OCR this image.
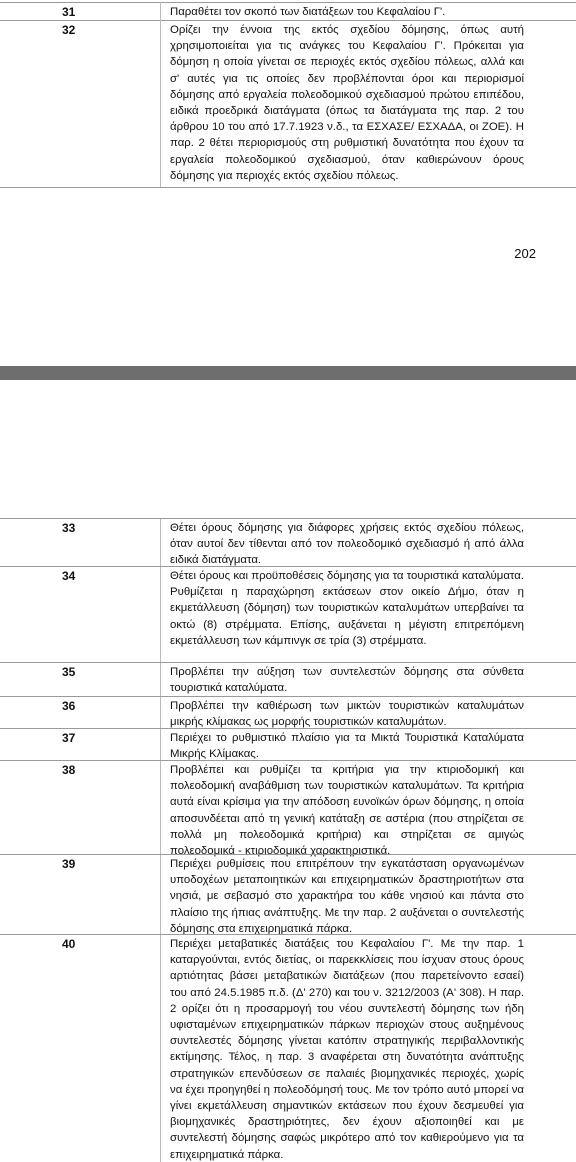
31	Παραθέτει τον σκοπό των διατάξεων του Κεφαλαίου Γ'.

32	Ορίζει την έννοια της εκτός σχεδίου δόμησης, όπως αυτή χρησιμοποιείται για τις ανάγκες του Κεφαλαίου Γ'. Πρόκειται για δόμηση η οποία γίνεται σε περιοχές εκτός σχεδίου πόλεως, αλλά και σ' αυτές για τις οποίες δεν προβλέπονται όροι και περιορισμοί δόμησης από εργαλεία πολεοδομικού σχεδιασμού πρώτου επιπέδου, ειδικά προεδρικά διατάγματα (όπως τα διατάγματα της παρ. 2 του άρθρου 10 του από 17.7.1923 ν.δ., τα ΕΣΧΑΣΕ/ ΕΣΧΑΔΑ, οι ΖΟΕ). Η παρ. 2 θέτει περιορισμούς στη ρυθμιστική δυνατότητα που έχουν τα εργαλεία πολεοδομικού σχεδιασμού, όταν καθιερώνουν όρους δόμησης για περιοχές εκτός σχεδίου πόλεως.

202
33	Θέτει όρους δόμησης για διάφορες χρήσεις εκτός σχεδίου πόλεως, όταν αυτοί δεν τίθενται από τον πολεοδομικό σχεδιασμό ή από άλλα ειδικά διατάγματα.

34	Θέτει όρους και προϋποθέσεις δόμησης για τα τουριστικά καταλύματα. Ρυθμίζεται η παραχώρηση εκτάσεων στον οικείο Δήμο, όταν η εκμετάλλευση (δόμηση) των τουριστικών καταλυμάτων υπερβαίνει τα οκτώ (8) στρέμματα. Επίσης, αυξάνεται η μέγιστη επιτρεπόμενη εκμετάλλευση των κάμπινγκ σε τρία (3) στρέμματα.

35	Προβλέπει την αύξηση των συντελεστών δόμησης στα σύνθετα τουριστικά καταλύματα.

36	Προβλέπει την καθιέρωση των μικτών τουριστικών καταλυμάτων μικρής κλίμακας ως μορφής τουριστικών καταλυμάτων.

37	Περιέχει το ρυθμιστικό πλαίσιο για τα Μικτά Τουριστικά Καταλύματα Μικρής Κλίμακας.

38	Προβλέπει και ρυθμίζει τα κριτήρια για την κτιριοδομική και πολεοδομική αναβάθμιση των τουριστικών καταλυμάτων. Τα κριτήρια αυτά είναι κρίσιμα για την απόδοση ευνοϊκών όρων δόμησης, η οποία αποσυνδέεται από τη γενική κατάταξη σε αστέρια (που στηρίζεται σε πολλά μη πολεοδομικά κριτήρια) και στηρίζεται σε αμιγώς πολεοδομικά - κτιριοδομικά χαρακτηριστικά.

39	Περιέχει ρυθμίσεις που επιτρέπουν την εγκατάσταση οργανωμένων υποδοχέων μεταποιητικών και επιχειρηματικών δραστηριοτήτων στα νησιά, με σεβασμό στο χαρακτήρα του κάθε νησιού και πάντα στο πλαίσιο της ήπιας ανάπτυξης. Με την παρ. 2 αυξάνεται ο συντελεστής δόμησης στα επιχειρηματικά πάρκα.

40	Περιέχει μεταβατικές διατάξεις του Κεφαλαίου Γ'. Με την παρ. 1 καταργούνται, εντός διετίας, οι παρεκκλίσεις που ίσχυαν στους όρους αρτιότητας βάσει μεταβατικών διατάξεων (που παρετείνοντο εσαεί) του από 24.5.1985 π.δ. (Δ' 270) και του ν. 3212/2003 (Α' 308). Η παρ. 2 ορίζει ότι η προσαρμογή του νέου συντελεστή δόμησης των ήδη υφισταμένων επιχειρηματικών πάρκων περιοχών στους αυξημένους συντελεστές δόμησης γίνεται κατόπιν στρατηγικής περιβαλλοντικής εκτίμησης. Τέλος, η παρ. 3 αναφέρεται στη δυνατότητα ανάπτυξης στρατηγικών επενδύσεων σε παλαιές βιομηχανικές περιοχές, χωρίς να έχει προηγηθεί η πολεοδόμησή τους. Με τον τρόπο αυτό μπορεί να γίνει εκμετάλλευση σημαντικών εκτάσεων που έχουν δεσμευθεί για βιομηχανικές δραστηριότητες, δεν έχουν αξιοποιηθεί και με συντελεστή δόμησης σαφώς μικρότερο από τον καθιερούμενο για τα επιχειρηματικά πάρκα.
